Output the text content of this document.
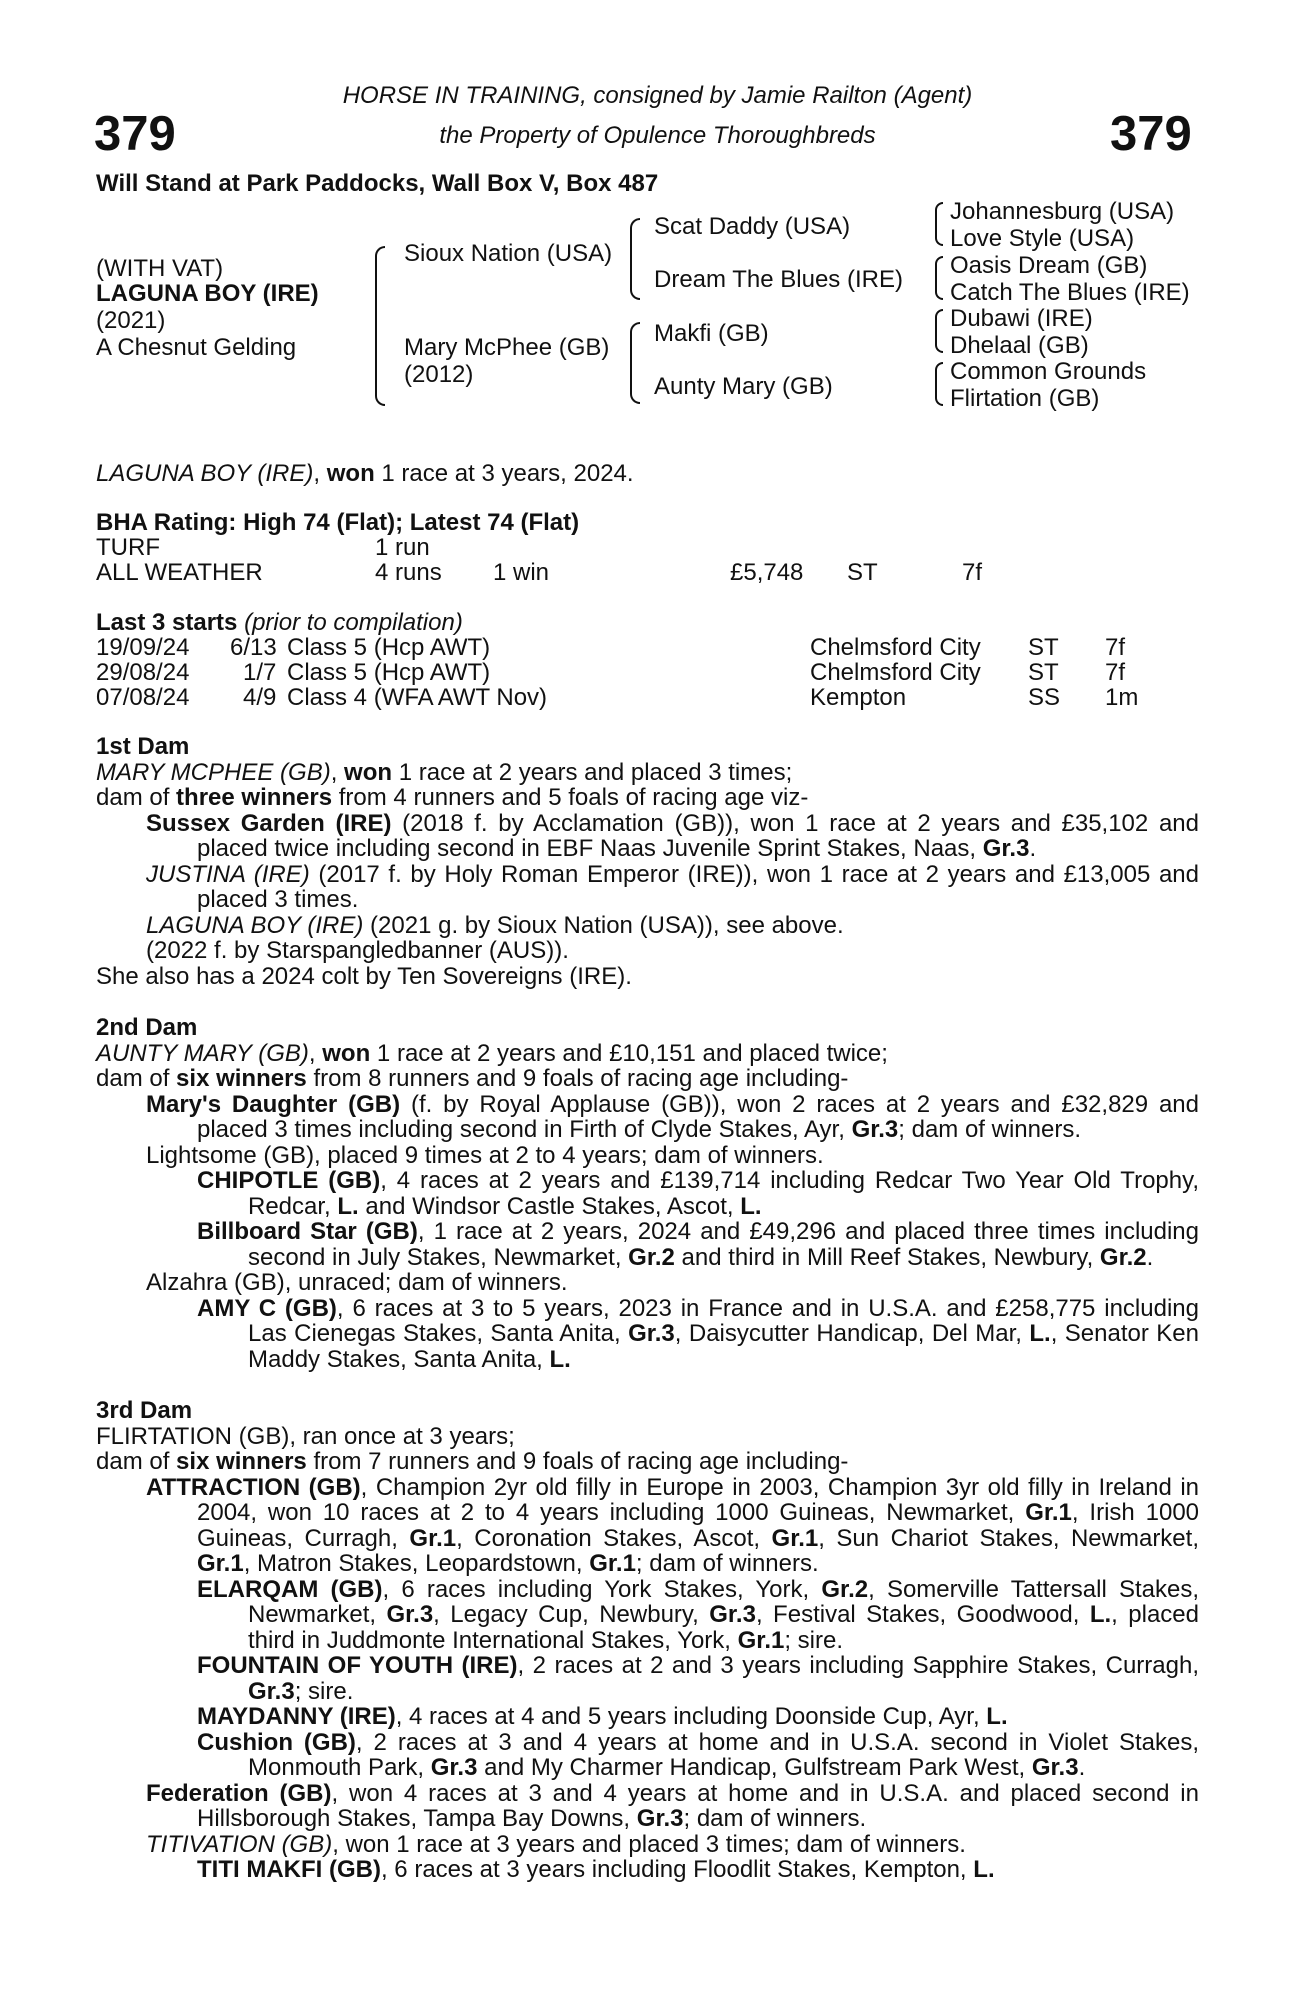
379	379
HORSE IN TRAINING, consigned by Jamie Railton (Agent)
the Property of Opulence Thoroughbreds
Will Stand at Park Paddocks, Wall Box V, Box 487
(WITH VAT)
LAGUNA BOY (IRE)
(2021)
A Chesnut Gelding
Sioux Nation (USA)
Mary McPhee (GB)
(2012)
Scat Daddy (USA)
Dream The Blues (IRE)
Makfi (GB)
Aunty Mary (GB)
Johannesburg (USA)
Love Style (USA)
Oasis Dream (GB)
Catch The Blues (IRE)
Dubawi (IRE)
Dhelaal (GB)
Common Grounds
Flirtation (GB)
LAGUNA BOY (IRE), won 1 race at 3 years, 2024.
BHA Rating: High 74 (Flat); Latest 74 (Flat)
TURF	1 run
ALL WEATHER	4 runs 1 win	£5,748 ST	7f
Last 3 starts (prior to compilation)
19/09/24 6/13 Class 5 (Hcp AWT)	Chelmsford City ST 7f
29/08/24 1/7 Class 5 (Hcp AWT)	Chelmsford City ST 7f
07/08/24 4/9 Class 4 (WFA AWT Nov)	Kempton	SS 1m

1st Dam

MARY MCPHEE (GB), won 1 race at 2 years and placed 3 times;

dam of three winners from 4 runners and 5 foals of racing age viz-

Sussex Garden (IRE) (2018 f. by Acclamation (GB)), won 1 race at 2 years and £35,102 and placed twice including second in EBF Naas Juvenile Sprint Stakes, Naas, Gr.3.

JUSTINA (IRE) (2017 f. by Holy Roman Emperor (IRE)), won 1 race at 2 years and £13,005 and placed 3 times.

LAGUNA BOY (IRE) (2021 g. by Sioux Nation (USA)), see above.

(2022 f. by Starspangledbanner (AUS)).

She also has a 2024 colt by Ten Sovereigns (IRE).

2nd Dam

AUNTY MARY (GB), won 1 race at 2 years and £10,151 and placed twice;

dam of six winners from 8 runners and 9 foals of racing age including-

Mary's Daughter (GB) (f. by Royal Applause (GB)), won 2 races at 2 years and £32,829 and placed 3 times including second in Firth of Clyde Stakes, Ayr, Gr.3; dam of winners.

Lightsome (GB), placed 9 times at 2 to 4 years; dam of winners.

CHIPOTLE (GB), 4 races at 2 years and £139,714 including Redcar Two Year Old Trophy, Redcar, L. and Windsor Castle Stakes, Ascot, L.

Billboard Star (GB), 1 race at 2 years, 2024 and £49,296 and placed three times including second in July Stakes, Newmarket, Gr.2 and third in Mill Reef Stakes, Newbury, Gr.2.

Alzahra (GB), unraced; dam of winners.

AMY C (GB), 6 races at 3 to 5 years, 2023 in France and in U.S.A. and £258,775 including Las Cienegas Stakes, Santa Anita, Gr.3, Daisycutter Handicap, Del Mar, L., Senator Ken Maddy Stakes, Santa Anita, L.

3rd Dam

FLIRTATION (GB), ran once at 3 years;

dam of six winners from 7 runners and 9 foals of racing age including-

ATTRACTION (GB), Champion 2yr old filly in Europe in 2003, Champion 3yr old filly in Ireland in 2004, won 10 races at 2 to 4 years including 1000 Guineas, Newmarket, Gr.1, Irish 1000 Guineas, Curragh, Gr.1, Coronation Stakes, Ascot, Gr.1, Sun Chariot Stakes, Newmarket, Gr.1, Matron Stakes, Leopardstown, Gr.1; dam of winners.

ELARQAM (GB), 6 races including York Stakes, York, Gr.2, Somerville Tattersall Stakes, Newmarket, Gr.3, Legacy Cup, Newbury, Gr.3, Festival Stakes, Goodwood, L., placed third in Juddmonte International Stakes, York, Gr.1; sire.

FOUNTAIN OF YOUTH (IRE), 2 races at 2 and 3 years including Sapphire Stakes, Curragh, Gr.3; sire.

MAYDANNY (IRE), 4 races at 4 and 5 years including Doonside Cup, Ayr, L.

Cushion (GB), 2 races at 3 and 4 years at home and in U.S.A. second in Violet Stakes, Monmouth Park, Gr.3 and My Charmer Handicap, Gulfstream Park West, Gr.3.

Federation (GB), won 4 races at 3 and 4 years at home and in U.S.A. and placed second in Hillsborough Stakes, Tampa Bay Downs, Gr.3; dam of winners.

TITIVATION (GB), won 1 race at 3 years and placed 3 times; dam of winners.

TITI MAKFI (GB), 6 races at 3 years including Floodlit Stakes, Kempton, L.
